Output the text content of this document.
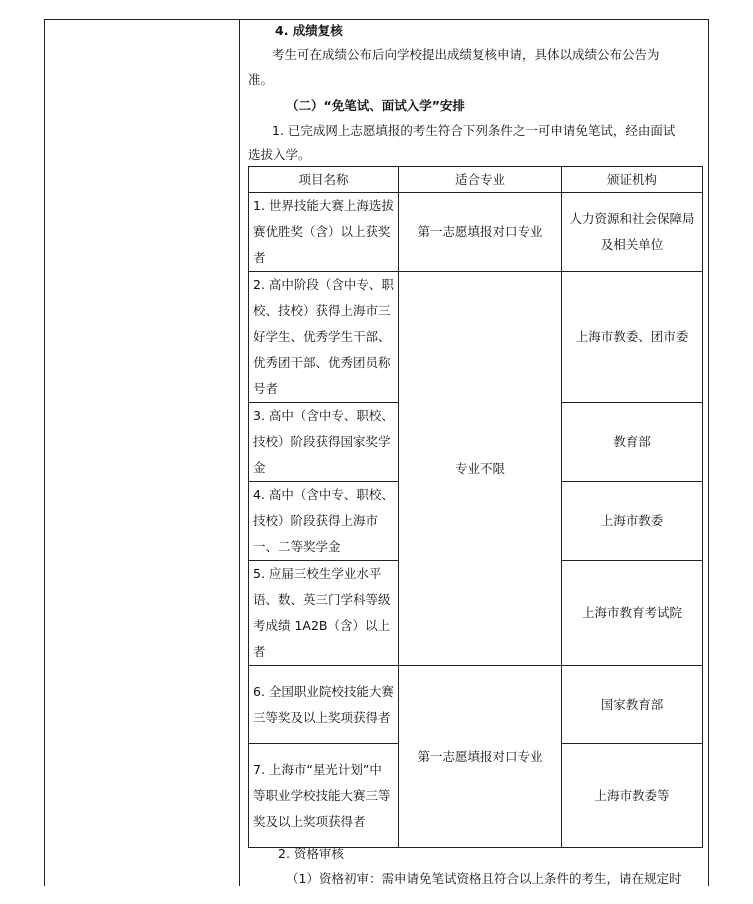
4. 成绩复核
考生可在成绩公布后向学校提出成绩复核申请，具体以成绩公布公告为
准。
（二）“免笔试、面试入学”安排
1. 已完成网上志愿填报的考生符合下列条件之一可申请免笔试，经由面试
选拔入学。
项目名称	适合专业	颁证机构
1. 世界技能大赛上海选拔赛优胜奖（含）以上获奖者	第一志愿填报对口专业	人力资源和社会保障局及相关单位
2. 高中阶段（含中专、职校、技校）获得上海市三好学生、优秀学生干部、优秀团干部、优秀团员称号者	专业不限	上海市教委、团市委
3. 高中（含中专、职校、技校）阶段获得国家奖学金		教育部
4. 高中（含中专、职校、技校）阶段获得上海市一、二等奖学金		上海市教委
5. 应届三校生学业水平语、数、英三门学科等级考成绩 1A2B（含）以上者		上海市教育考试院
6. 全国职业院校技能大赛三等奖及以上奖项获得者	第一志愿填报对口专业	国家教育部
7. 上海市“星光计划”中等职业学校技能大赛三等奖及以上奖项获得者		上海市教委等
2. 资格审核
（1）资格初审：需申请免笔试资格且符合以上条件的考生，请在规定时
